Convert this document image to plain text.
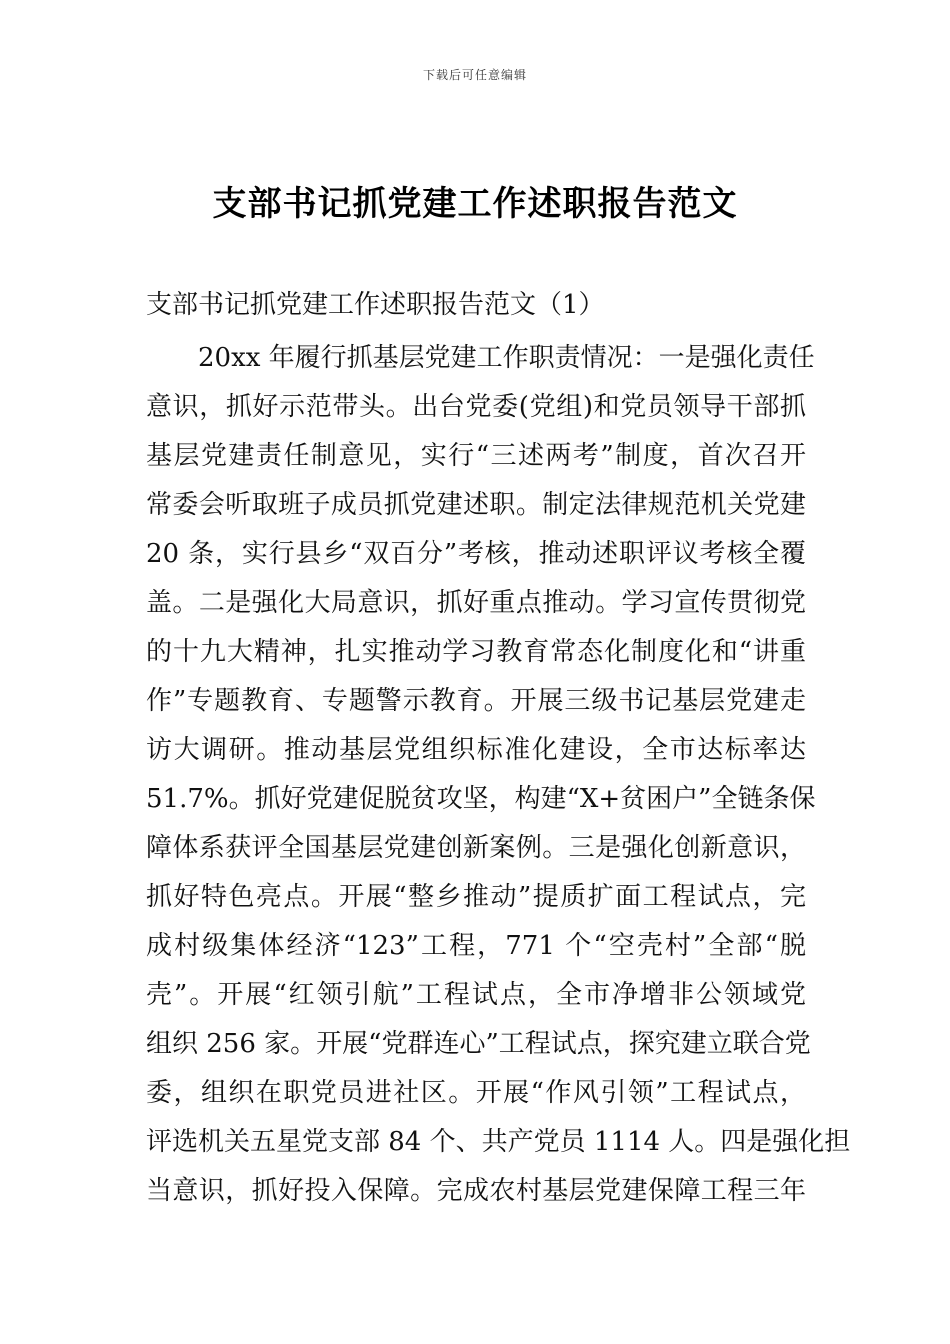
下载后可任意编辑
支部书记抓党建工作述职报告范文
支部书记抓党建工作述职报告范文（1）
20xx 年履行抓基层党建工作职责情况：一是强化责任
意识，抓好示范带头。出台党委(党组)和党员领导干部抓
基层党建责任制意见，实行“三述两考”制度，首次召开
常委会听取班子成员抓党建述职。制定法律规范机关党建
20 条，实行县乡“双百分”考核，推动述职评议考核全覆
盖。二是强化大局意识，抓好重点推动。学习宣传贯彻党
的十九大精神，扎实推动学习教育常态化制度化和“讲重
作”专题教育、专题警示教育。开展三级书记基层党建走
访大调研。推动基层党组织标准化建设，全市达标率达
51.7%。抓好党建促脱贫攻坚，构建“X+贫困户”全链条保
障体系获评全国基层党建创新案例。三是强化创新意识，
抓好特色亮点。开展“整乡推动”提质扩面工程试点，完
成村级集体经济“123”工程，771 个“空壳村”全部“脱
壳”。开展“红领引航”工程试点，全市净增非公领域党
组织 256 家。开展“党群连心”工程试点，探究建立联合党
委，组织在职党员进社区。开展“作风引领”工程试点，
评选机关五星党支部 84 个、共产党员 1114 人。四是强化担
当意识，抓好投入保障。完成农村基层党建保障工程三年
